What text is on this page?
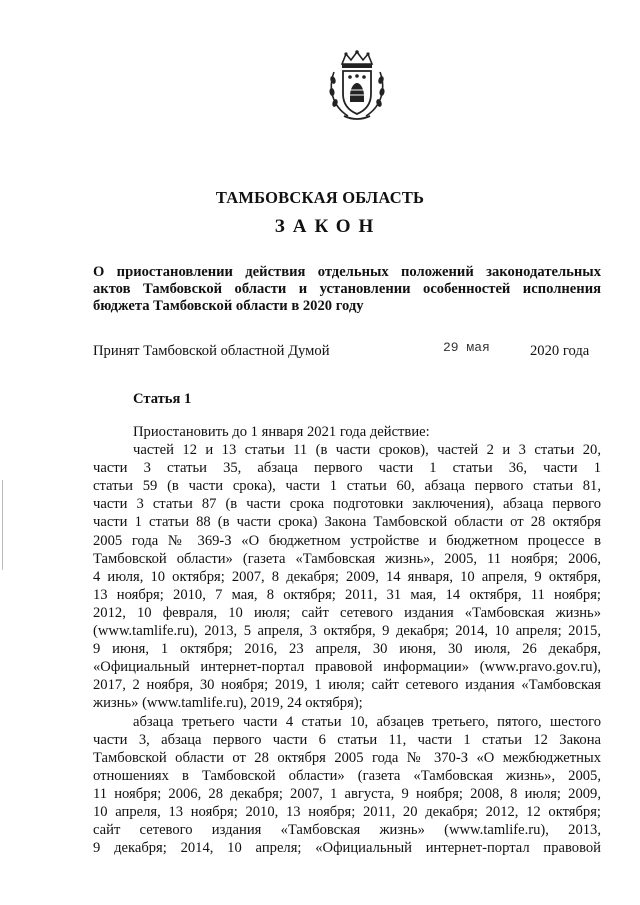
ТАМБОВСКАЯ ОБЛАСТЬ
ЗАКОН
О приостановлении действия отдельных положений законодательных
актов Тамбовской области и установлении особенностей исполнения
бюджета Тамбовской области в 2020 году
Принят Тамбовской областной Думой	29 мая	2020 года
Статья 1
Приостановить до 1 января 2021 года действие:
частей 12 и 13 статьи 11 (в части сроков), частей 2 и 3 статьи 20,
части 3 статьи 35, абзаца первого части 1 статьи 36, части 1
статьи 59 (в части срока), части 1 статьи 60, абзаца первого статьи 81,
части 3 статьи 87 (в части срока подготовки заключения), абзаца первого
части 1 статьи 88 (в части срока) Закона Тамбовской области от 28 октября
2005 года № 369-З «О бюджетном устройстве и бюджетном процессе в
Тамбовской области» (газета «Тамбовская жизнь», 2005, 11 ноября; 2006,
4 июля, 10 октября; 2007, 8 декабря; 2009, 14 января, 10 апреля, 9 октября,
13 ноября; 2010, 7 мая, 8 октября; 2011, 31 мая, 14 октября, 11 ноября;
2012, 10 февраля, 10 июля; сайт сетевого издания «Тамбовская жизнь»
(www.tamlife.ru), 2013, 5 апреля, 3 октября, 9 декабря; 2014, 10 апреля; 2015,
9 июня, 1 октября; 2016, 23 апреля, 30 июня, 30 июля, 26 декабря,
«Официальный интернет-портал правовой информации» (www.pravo.gov.ru),
2017, 2 ноября, 30 ноября; 2019, 1 июля; сайт сетевого издания «Тамбовская
жизнь» (www.tamlife.ru), 2019, 24 октября);
абзаца третьего части 4 статьи 10, абзацев третьего, пятого, шестого
части 3, абзаца первого части 6 статьи 11, части 1 статьи 12 Закона
Тамбовской области от 28 октября 2005 года № 370-З «О межбюджетных
отношениях в Тамбовской области» (газета «Тамбовская жизнь», 2005,
11 ноября; 2006, 28 декабря; 2007, 1 августа, 9 ноября; 2008, 8 июля; 2009,
10 апреля, 13 ноября; 2010, 13 ноября; 2011, 20 декабря; 2012, 12 октября;
сайт сетевого издания «Тамбовская жизнь» (www.tamlife.ru), 2013,
9 декабря; 2014, 10 апреля; «Официальный интернет-портал правовой
